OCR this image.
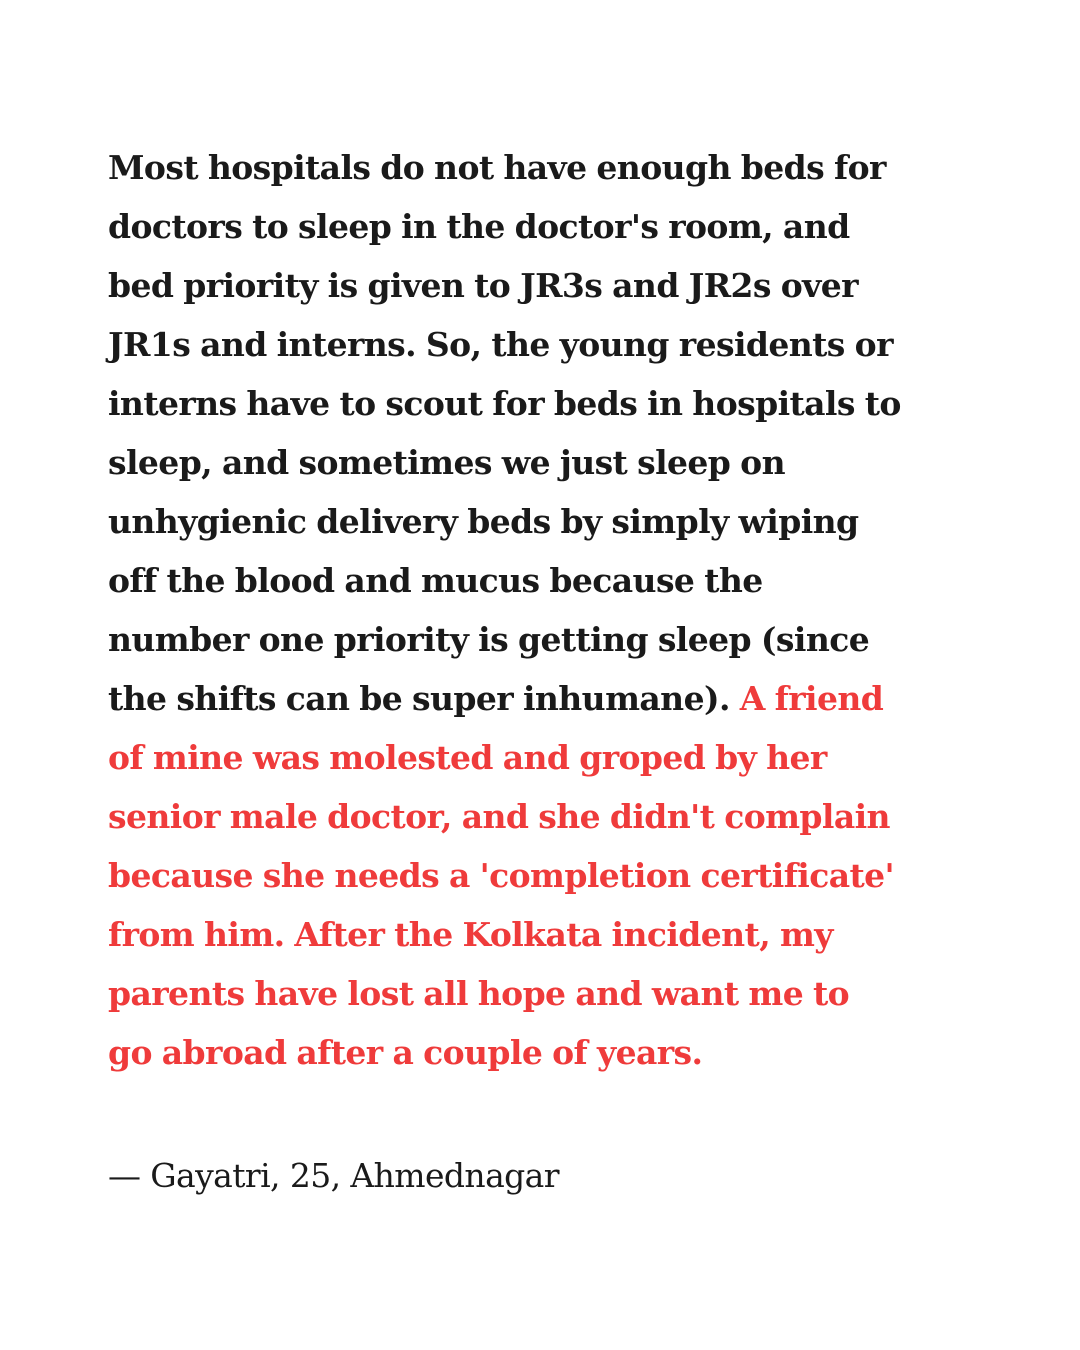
Most hospitals do not have enough beds for
doctors to sleep in the doctor's room, and
bed priority is given to JR3s and JR2s over
JR1s and interns. So, the young residents or
interns have to scout for beds in hospitals to
sleep, and sometimes we just sleep on
unhygienic delivery beds by simply wiping
off the blood and mucus because the
number one priority is getting sleep (since
the shifts can be super inhumane). A friend
of mine was molested and groped by her
senior male doctor, and she didn't complain
because she needs a 'completion certificate'
from him. After the Kolkata incident, my
parents have lost all hope and want me to
go abroad after a couple of years.

— Gayatri, 25, Ahmednagar
